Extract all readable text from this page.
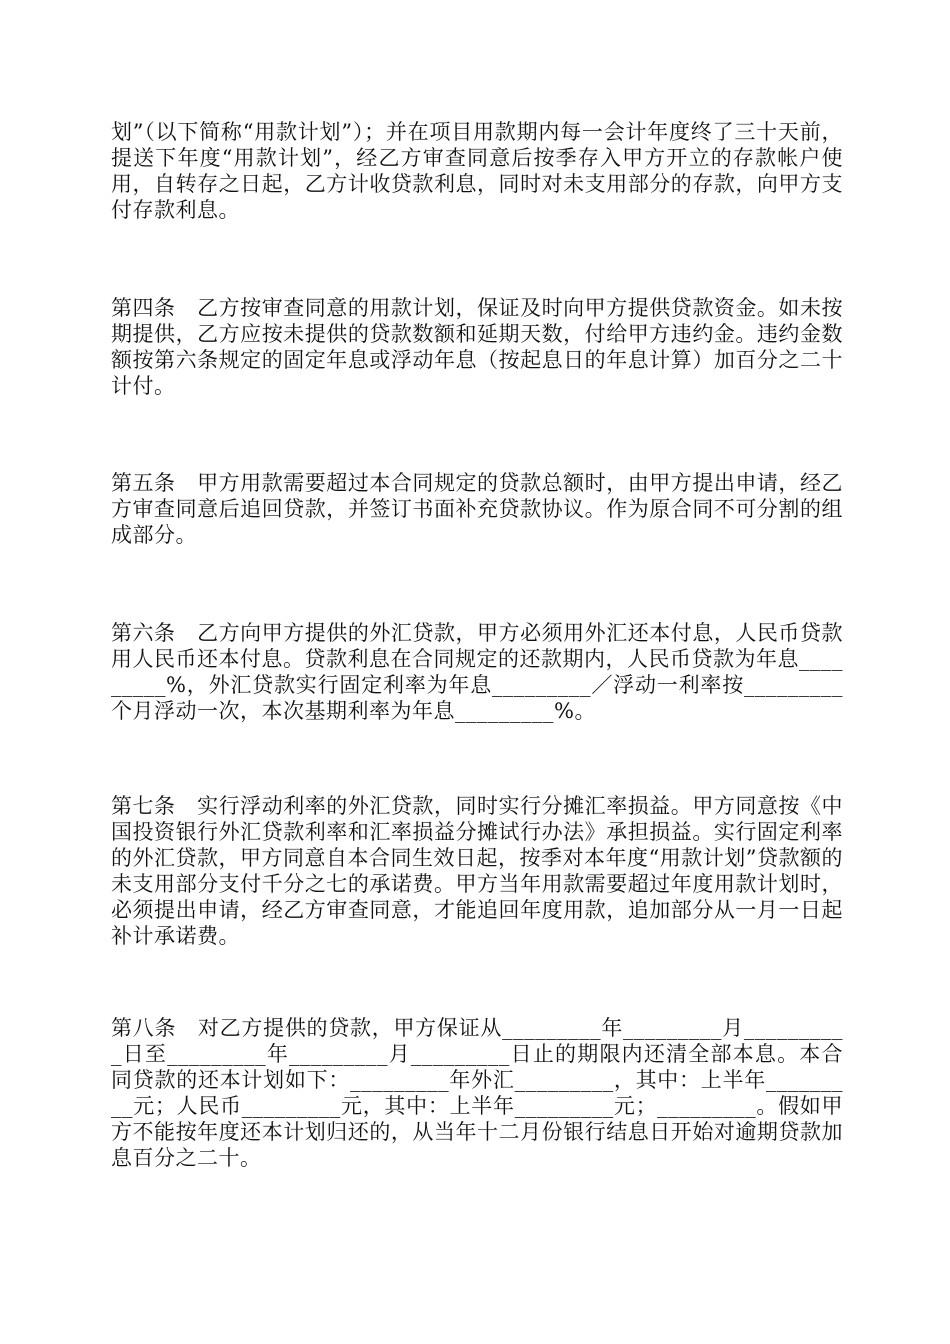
划”（以下简称“用款计划”）；并在项目用款期内每一会计年度终了三十天前，提送下年度“用款计划”，经乙方审查同意后按季存入甲方开立的存款帐户使用，自转存之日起，乙方计收贷款利息，同时对未支用部分的存款，向甲方支付存款利息。

第四条　乙方按审查同意的用款计划，保证及时向甲方提供贷款资金。如未按期提供，乙方应按未提供的贷款数额和延期天数，付给甲方违约金。违约金数额按第六条规定的固定年息或浮动年息（按起息日的年息计算）加百分之二十计付。

第五条　甲方用款需要超过本合同规定的贷款总额时，由甲方提出申请，经乙方审查同意后追回贷款，并签订书面补充贷款协议。作为原合同不可分割的组成部分。

第六条　乙方向甲方提供的外汇贷款，甲方必须用外汇还本付息，人民币贷款用人民币还本付息。贷款利息在合同规定的还款期内，人民币贷款为年息_________%，外汇贷款实行固定利率为年息_________／浮动一利率按_________个月浮动一次，本次基期利率为年息_________%。

第七条　实行浮动利率的外汇贷款，同时实行分摊汇率损益。甲方同意按《中国投资银行外汇贷款利率和汇率损益分摊试行办法》承担损益。实行固定利率的外汇贷款，甲方同意自本合同生效日起，按季对本年度“用款计划”贷款额的未支用部分支付千分之七的承诺费。甲方当年用款需要超过年度用款计划时，必须提出申请，经乙方审查同意，才能追回年度用款，追加部分从一月一日起补计承诺费。

第八条　对乙方提供的贷款，甲方保证从_________年_________月__________日至_________年_________月_________日止的期限内还清全部本息。本合同贷款的还本计划如下：_________年外汇_________，其中：上半年_________元；人民币_________元，其中：上半年_________元；_________。假如甲方不能按年度还本计划归还的，从当年十二月份银行结息日开始对逾期贷款加息百分之二十。
